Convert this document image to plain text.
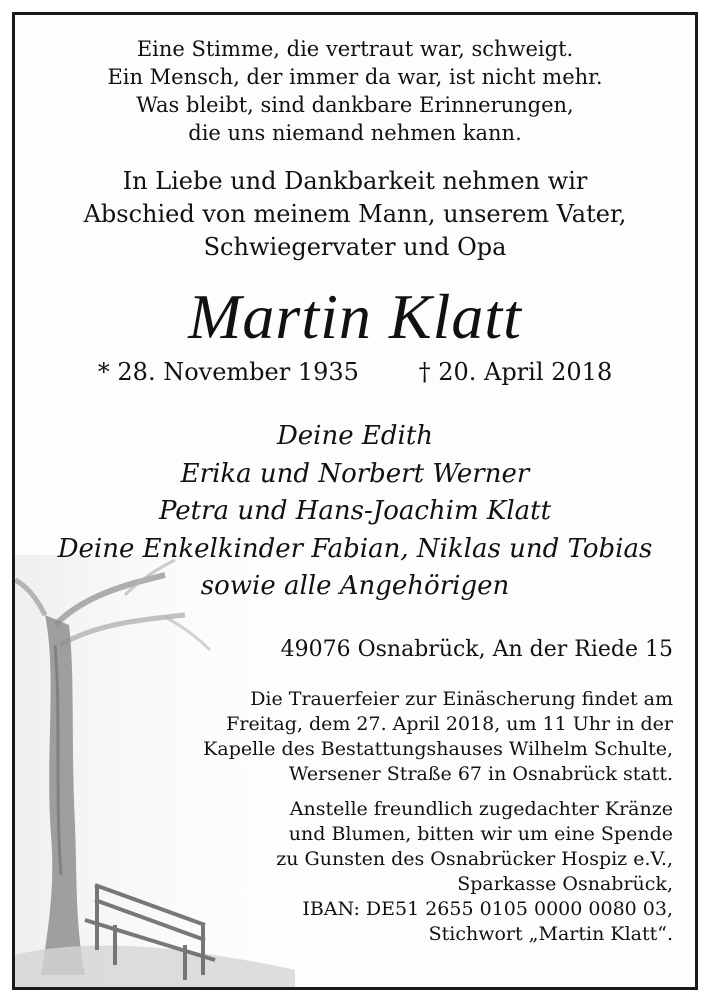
Eine Stimme, die vertraut war, schweigt.
Ein Mensch, der immer da war, ist nicht mehr.
Was bleibt, sind dankbare Erinnerungen,
die uns niemand nehmen kann.
In Liebe und Dankbarkeit nehmen wir
Abschied von meinem Mann, unserem Vater,
Schwiegervater und Opa
Martin Klatt
* 28. November 1935 † 20. April 2018
Deine Edith
Erika und Norbert Werner
Petra und Hans-Joachim Klatt
Deine Enkelkinder Fabian, Niklas und Tobias
sowie alle Angehörigen
49076 Osnabrück, An der Riede 15
Die Trauerfeier zur Einäscherung findet am
Freitag, dem 27. April 2018, um 11 Uhr in der
Kapelle des Bestattungshauses Wilhelm Schulte,
Wersener Straße 67 in Osnabrück statt.
Anstelle freundlich zugedachter Kränze
und Blumen, bitten wir um eine Spende
zu Gunsten des Osnabrücker Hospiz e.V.,
Sparkasse Osnabrück,
IBAN: DE51 2655 0105 0000 0080 03,
Stichwort „Martin Klatt“.
